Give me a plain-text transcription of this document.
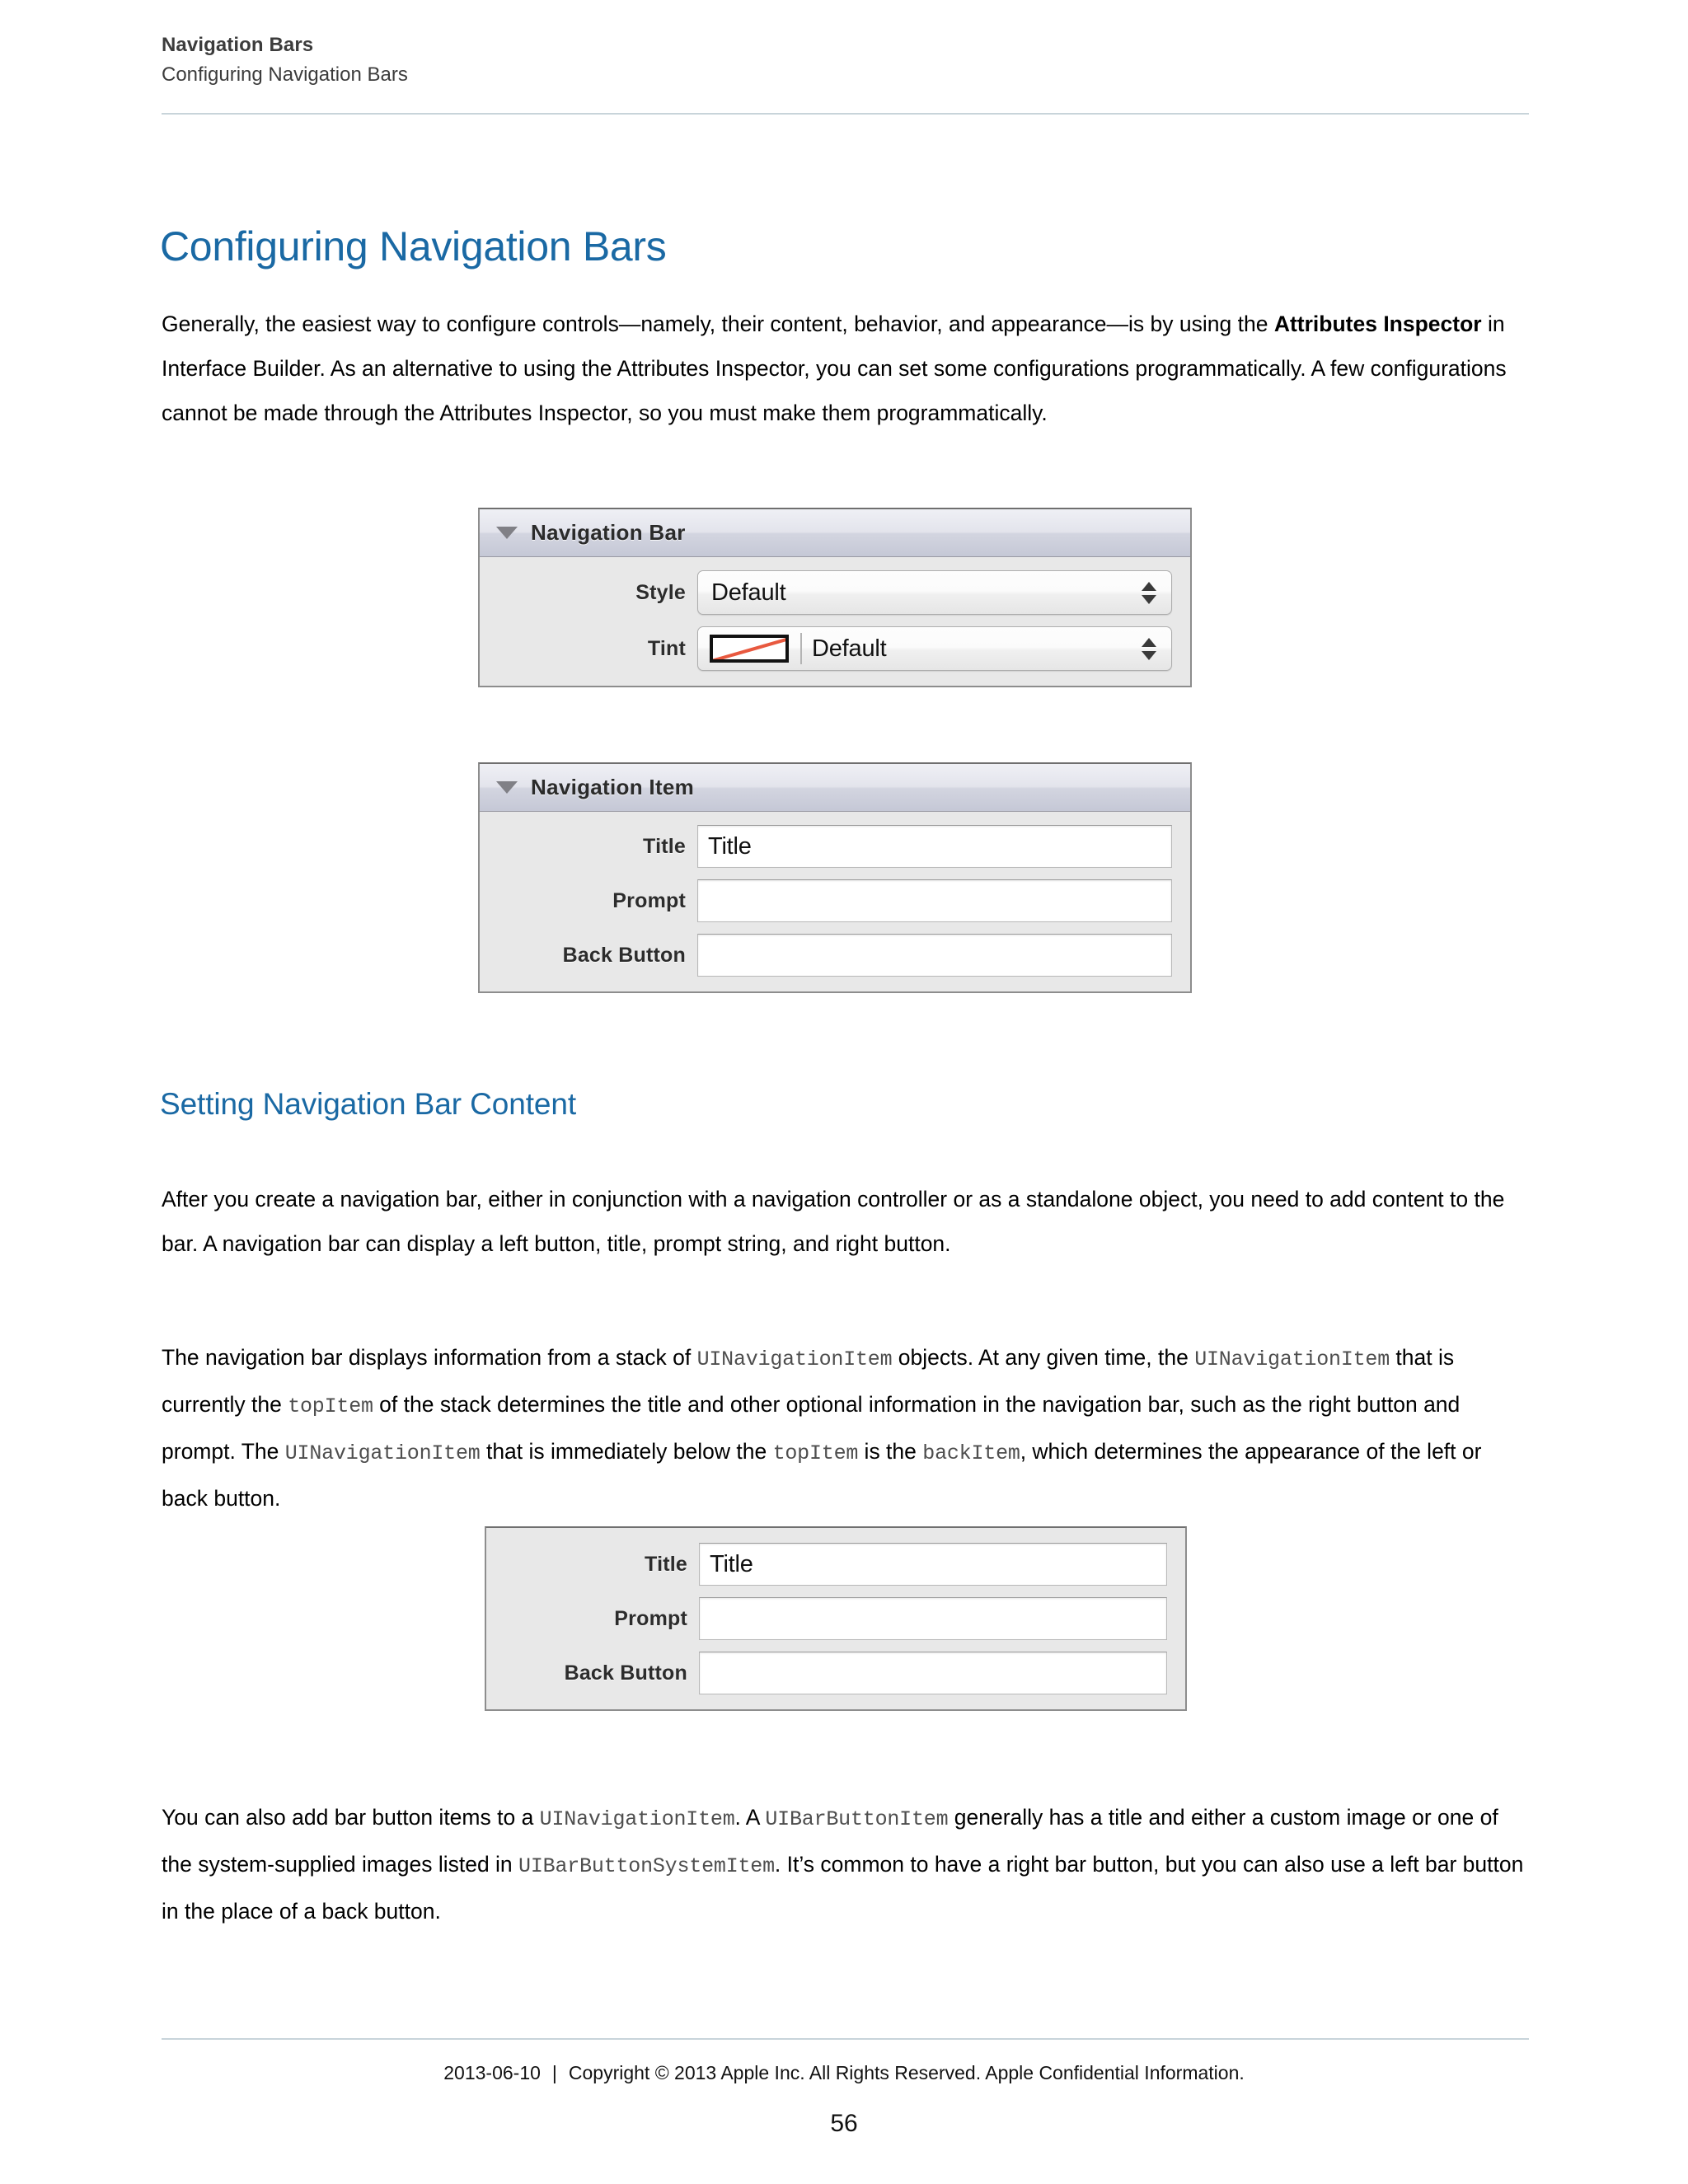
Navigation Bars
Configuring Navigation Bars
Configuring Navigation Bars
Generally, the easiest way to configure controls—namely, their content, behavior, and appearance—is by using the Attributes Inspector in Interface Builder. As an alternative to using the Attributes Inspector, you can set some configurations programmatically. A few configurations cannot be made through the Attributes Inspector, so you must make them programmatically.
Navigation Bar
Style	Default
Tint	Default
Navigation Item
Title Title
Prompt
Back Button
Setting Navigation Bar Content
After you create a navigation bar, either in conjunction with a navigation controller or as a standalone object, you need to add content to the bar. A navigation bar can display a left button, title, prompt string, and right button.
The navigation bar displays information from a stack of UINavigationItem objects. At any given time, the UINavigationItem that is currently the topItem of the stack determines the title and other optional information in the navigation bar, such as the right button and prompt. The UINavigationItem that is immediately below the topItem is the backItem, which determines the appearance of the left or back button.
Title Title
Prompt
Back Button
You can also add bar button items to a UINavigationItem. A UIBarButtonItem generally has a title and either a custom image or one of the system-supplied images listed in UIBarButtonSystemItem. It’s common to have a right bar button, but you can also use a left bar button in the place of a back button.
2013-06-10 | Copyright © 2013 Apple Inc. All Rights Reserved. Apple Confidential Information.
56
